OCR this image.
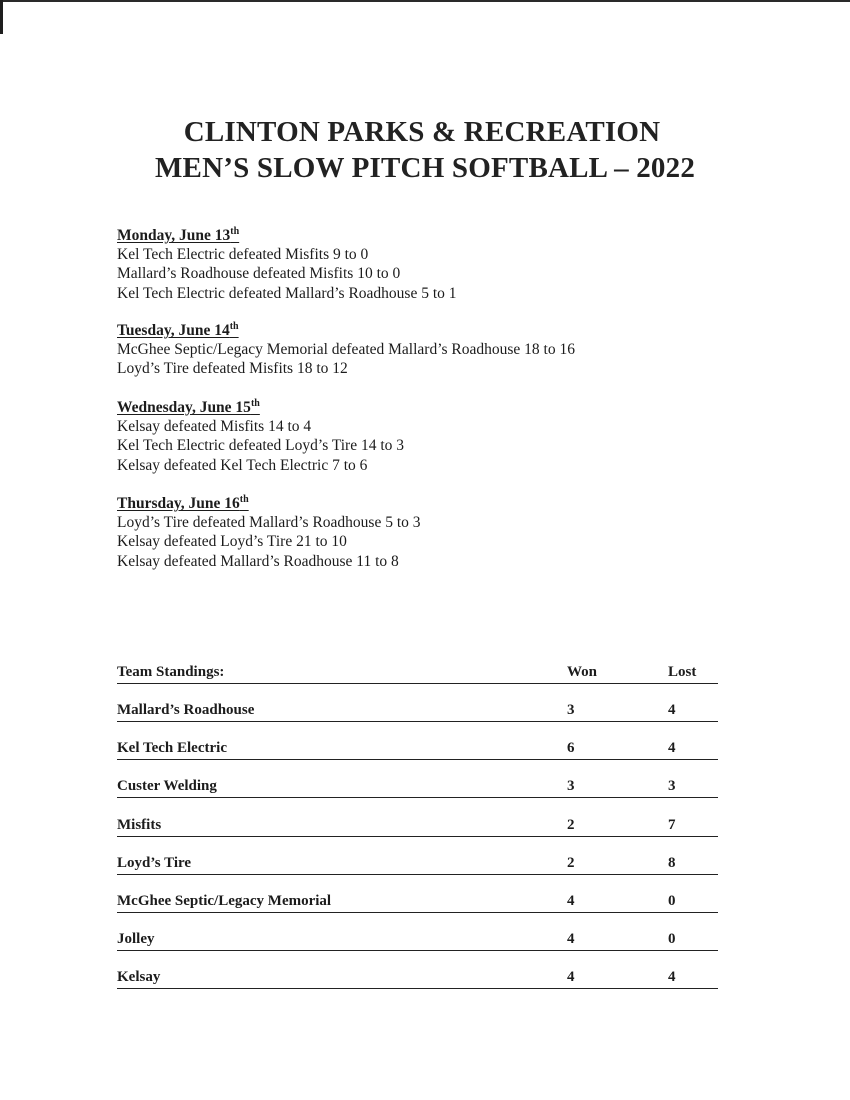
CLINTON PARKS & RECREATION
MEN’S SLOW PITCH SOFTBALL – 2022
Monday, June 13th
Kel Tech Electric defeated Misfits 9 to 0
Mallard’s Roadhouse defeated Misfits 10 to 0
Kel Tech Electric defeated Mallard’s Roadhouse 5 to 1
Tuesday, June 14th
McGhee Septic/Legacy Memorial defeated Mallard’s Roadhouse 18 to 16
Loyd’s Tire defeated Misfits 18 to 12
Wednesday, June 15th
Kelsay defeated Misfits 14 to 4
Kel Tech Electric defeated Loyd’s Tire 14 to 3
Kelsay defeated Kel Tech Electric 7 to 6
Thursday, June 16th
Loyd’s Tire defeated Mallard’s Roadhouse 5 to 3
Kelsay defeated Loyd’s Tire 21 to 10
Kelsay defeated Mallard’s Roadhouse 11 to 8
Team Standings:	Won	Lost
Mallard’s Roadhouse	3	4
Kel Tech Electric	6	4
Custer Welding	3	3
Misfits	2	7
Loyd’s Tire	2	8
McGhee Septic/Legacy Memorial	4	0
Jolley	4	0
Kelsay	4	4
